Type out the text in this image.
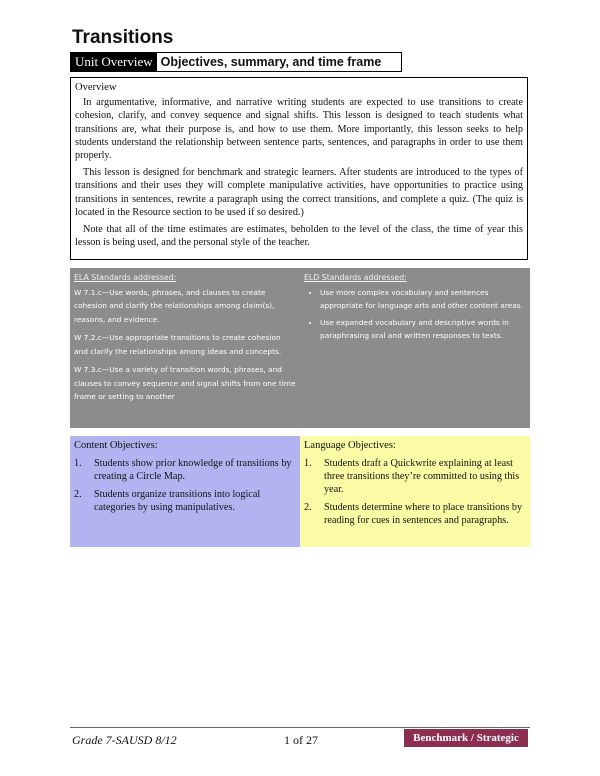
Transitions
Unit Overview Objectives, summary, and time frame
Overview

In argumentative, informative, and narrative writing students are expected to use transitions to create cohesion, clarify, and convey sequence and signal shifts. This lesson is designed to teach students what transitions are, what their purpose is, and how to use them. More importantly, this lesson seeks to help students understand the relationship between sentence parts, sentences, and paragraphs in order to use them properly.

This lesson is designed for benchmark and strategic learners. After students are introduced to the types of transitions and their uses they will complete manipulative activities, have opportunities to practice using transitions in sentences, rewrite a paragraph using the correct transitions, and complete a quiz. (The quiz is located in the Resource section to be used if so desired.)

Note that all of the time estimates are estimates, beholden to the level of the class, the time of year this lesson is being used, and the personal style of the teacher.

ELA Standards addressed:

W 7.1.c—Use words, phrases, and clauses to create cohesion and clarify the relationships among claim(s), reasons, and evidence.

W 7.2.c—Use appropriate transitions to create cohesion and clarify the relationships among ideas and concepts.

W 7.3.c—Use a variety of transition words, phrases, and clauses to convey sequence and signal shifts from one time frame or setting to another

ELD Standards addressed:
• Use more complex vocabulary and sentences appropriate for language arts and other content areas.
• Use expanded vocabulary and descriptive words in paraphrasing oral and written responses to texts.
Content Objectives:
1.	Students show prior knowledge of transitions by creating a Circle Map.
2.	Students organize transitions into logical categories by using manipulatives.
Language Objectives:
1.	Students draft a Quickwrite explaining at least three transitions they’re committed to using this year.
2.	Students determine where to place transitions by reading for cues in sentences and paragraphs.
Grade 7-SAUSD 8/12	1 of 27	Benchmark / Strategic
